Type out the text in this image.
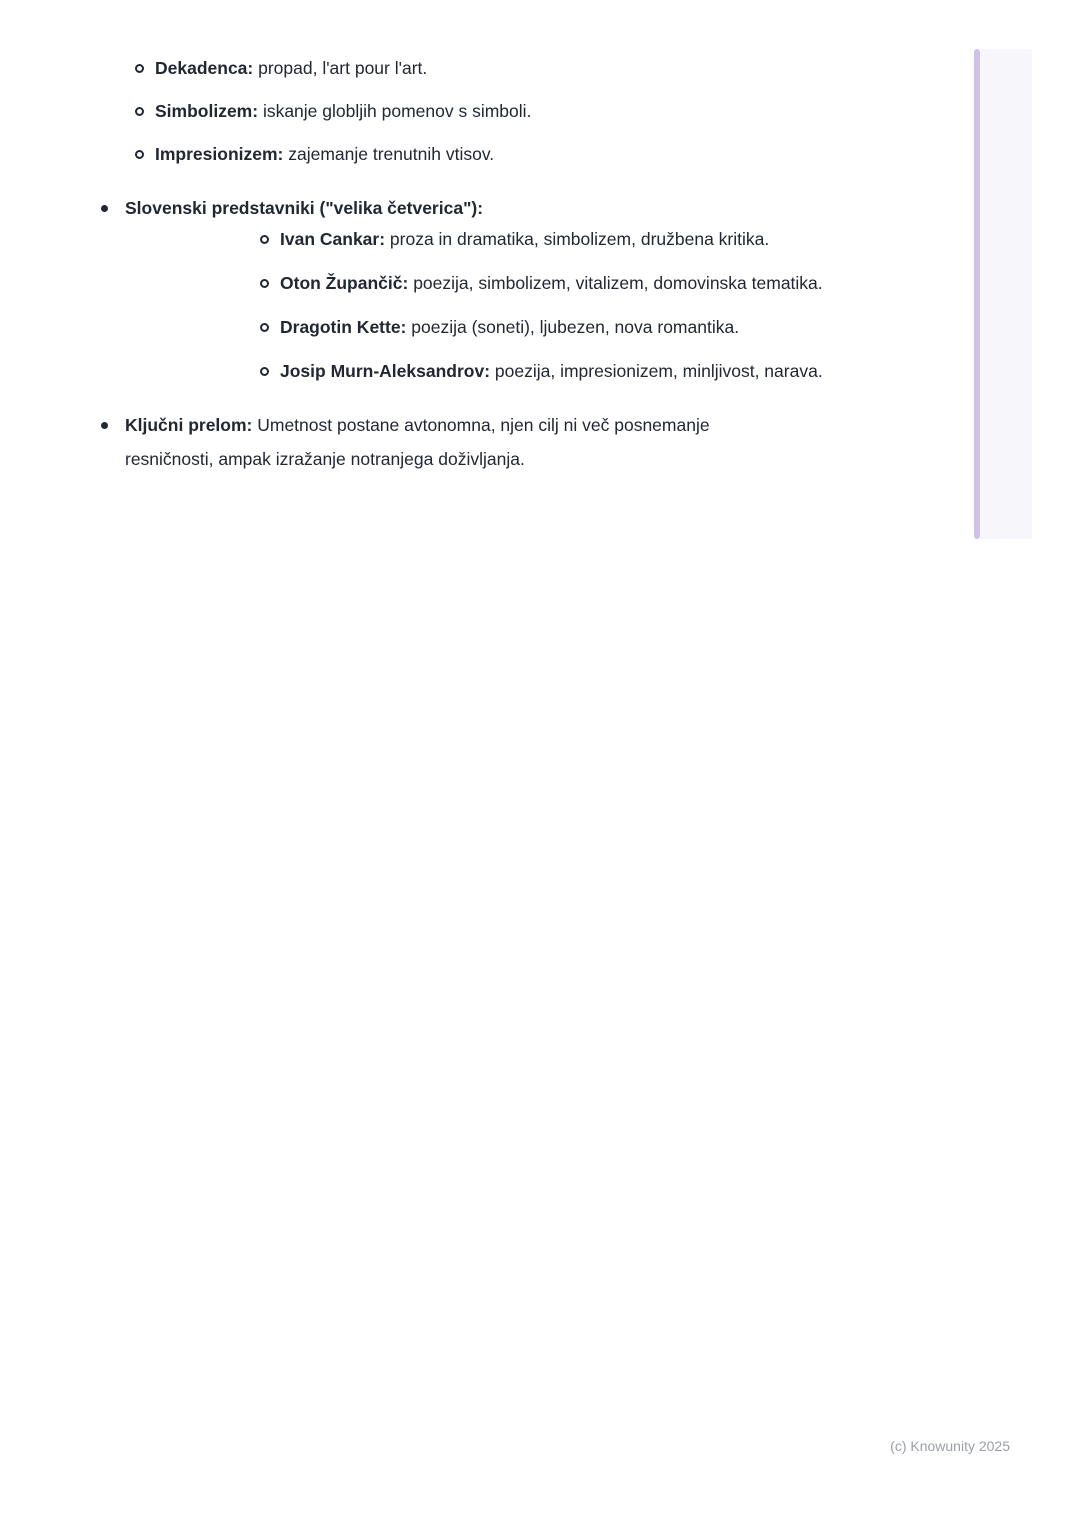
Dekadenca: propad, l'art pour l'art.
Simbolizem: iskanje globljih pomenov s simboli.
Impresionizem: zajemanje trenutnih vtisov.
Slovenski predstavniki ("velika četverica"):
Ivan Cankar: proza in dramatika, simbolizem, družbena kritika.
Oton Župančič: poezija, simbolizem, vitalizem, domovinska tematika.
Dragotin Kette: poezija (soneti), ljubezen, nova romantika.
Josip Murn-Aleksandrov: poezija, impresionizem, minljivost, narava.
Ključni prelom: Umetnost postane avtonomna, njen cilj ni več posnemanje resničnosti, ampak izražanje notranjega doživljanja.
(c) Knowunity 2025
